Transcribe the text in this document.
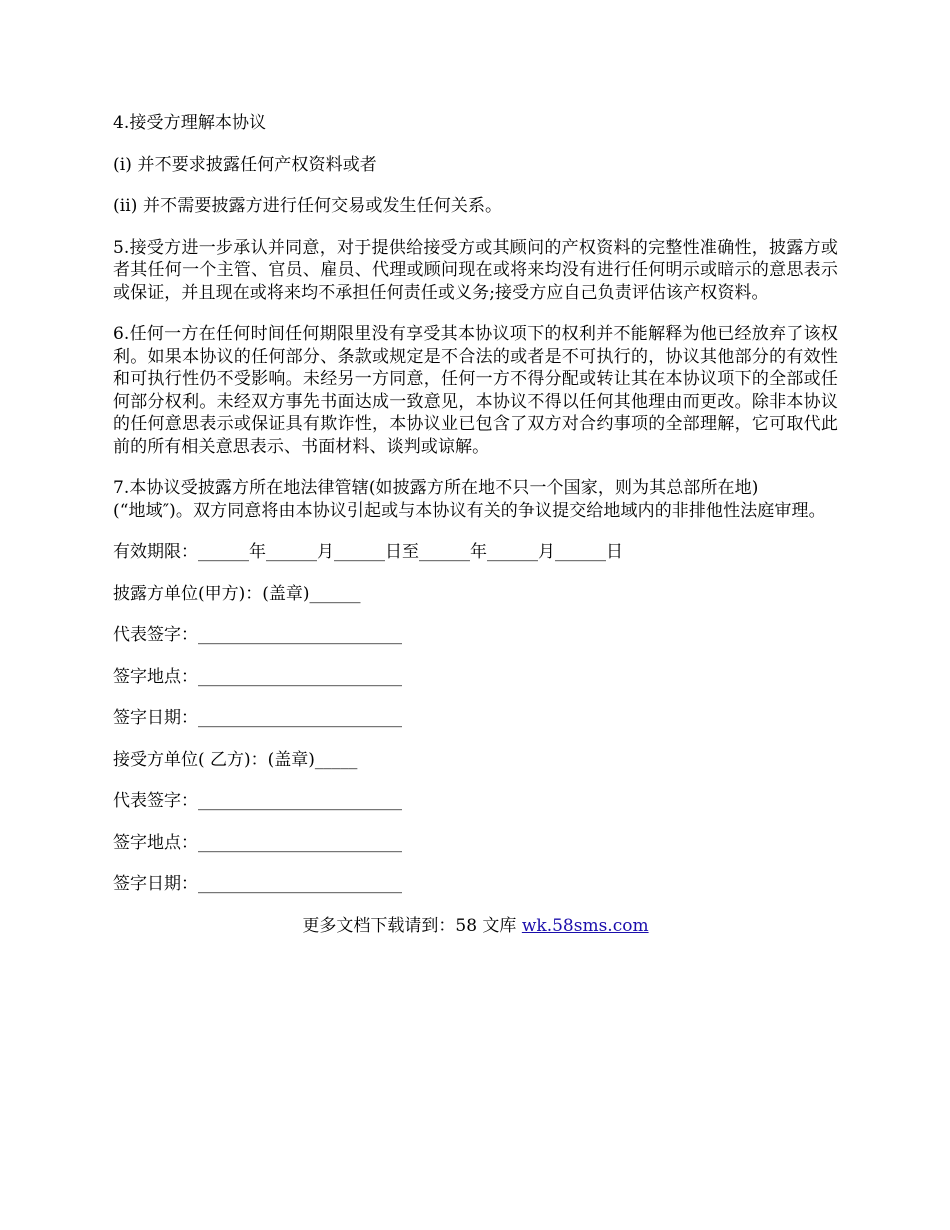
4.接受方理解本协议

(i) 并不要求披露任何产权资料或者

(ii) 并不需要披露方进行任何交易或发生任何关系。

5.接受方进一步承认并同意，对于提供给接受方或其顾问的产权资料的完整性准确性，披露方或者其任何一个主管、官员、雇员、代理或顾问现在或将来均没有进行任何明示或暗示的意思表示或保证，并且现在或将来均不承担任何责任或义务;接受方应自己负责评估该产权资料。

6.任何一方在任何时间任何期限里没有享受其本协议项下的权利并不能解释为他已经放弃了该权利。如果本协议的任何部分、条款或规定是不合法的或者是不可执行的，协议其他部分的有效性和可执行性仍不受影响。未经另一方同意，任何一方不得分配或转让其在本协议项下的全部或任何部分权利。未经双方事先书面达成一致意见，本协议不得以任何其他理由而更改。除非本协议的任何意思表示或保证具有欺诈性，本协议业已包含了双方对合约事项的全部理解，它可取代此前的所有相关意思表示、书面材料、谈判或谅解。

7.本协议受披露方所在地法律管辖(如披露方所在地不只一个国家，则为其总部所在地)
(“地域″)。双方同意将由本协议引起或与本协议有关的争议提交给地域内的非排他性法庭审理。
有效期限：______年______月______日至______年______月______日
披露方单位(甲方)：(盖章)______
代表签字：________________________
签字地点：________________________
签字日期：________________________
接受方单位( 乙方)：(盖章)_____
代表签字：________________________
签字地点：________________________
签字日期：________________________
更多文档下载请到：58 文库 wk.58sms.com
